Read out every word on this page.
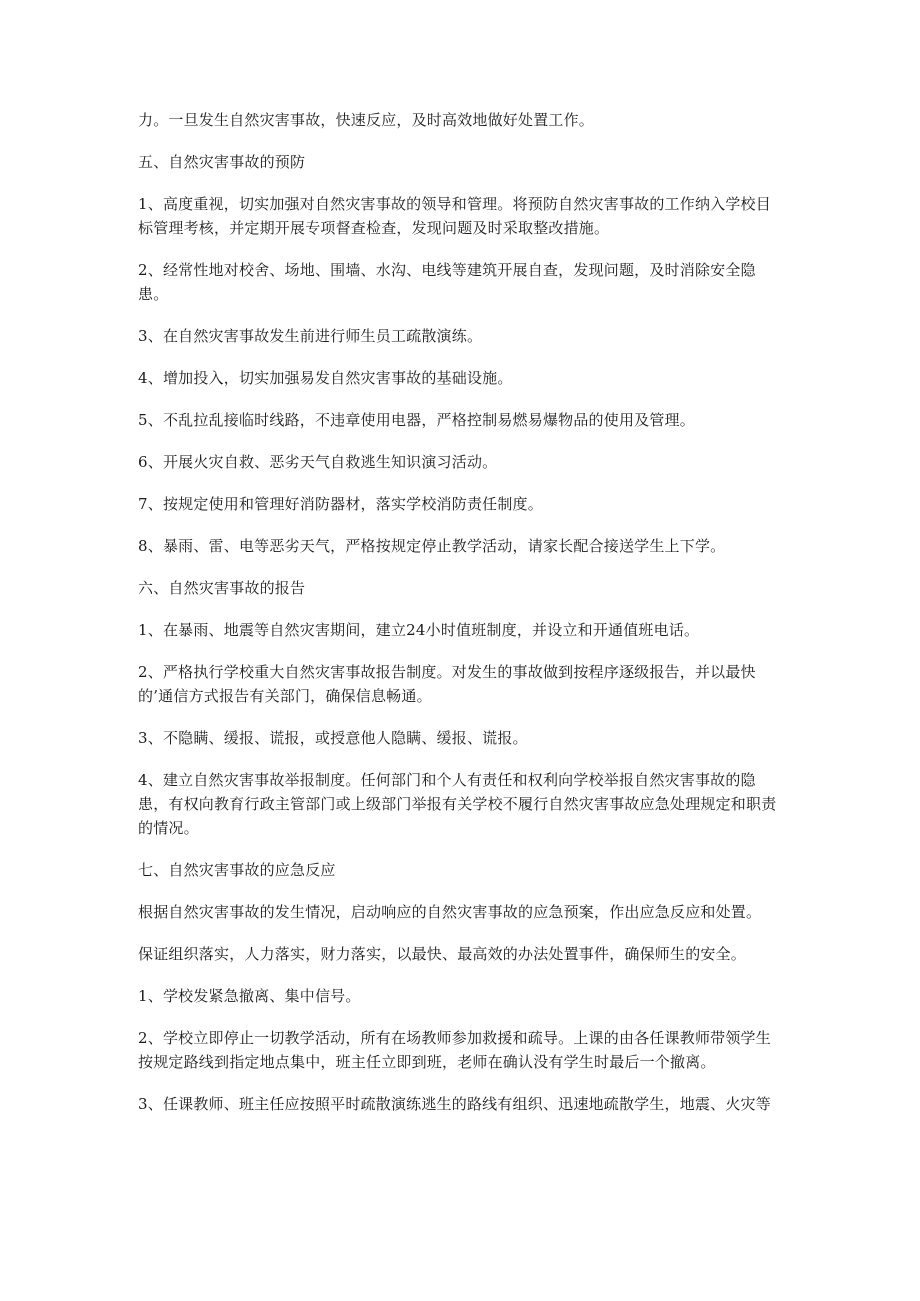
力。一旦发生自然灾害事故，快速反应，及时高效地做好处置工作。

五、自然灾害事故的预防

1、高度重视，切实加强对自然灾害事故的领导和管理。将预防自然灾害事故的工作纳入学校目标管理考核，并定期开展专项督查检查，发现问题及时采取整改措施。

2、经常性地对校舍、场地、围墙、水沟、电线等建筑开展自查，发现问题，及时消除安全隐患。

3、在自然灾害事故发生前进行师生员工疏散演练。

4、增加投入，切实加强易发自然灾害事故的基础设施。

5、不乱拉乱接临时线路，不违章使用电器，严格控制易燃易爆物品的使用及管理。

6、开展火灾自救、恶劣天气自救逃生知识演习活动。

7、按规定使用和管理好消防器材，落实学校消防责任制度。

8、暴雨、雷、电等恶劣天气，严格按规定停止教学活动，请家长配合接送学生上下学。

六、自然灾害事故的报告

1、在暴雨、地震等自然灾害期间，建立24小时值班制度，并设立和开通值班电话。

2、严格执行学校重大自然灾害事故报告制度。对发生的事故做到按程序逐级报告，并以最快的’通信方式报告有关部门，确保信息畅通。

3、不隐瞒、缓报、谎报，或授意他人隐瞒、缓报、谎报。

4、建立自然灾害事故举报制度。任何部门和个人有责任和权利向学校举报自然灾害事故的隐患，有权向教育行政主管部门或上级部门举报有关学校不履行自然灾害事故应急处理规定和职责的情况。

七、自然灾害事故的应急反应

根据自然灾害事故的发生情况，启动响应的自然灾害事故的应急预案，作出应急反应和处置。

保证组织落实，人力落实，财力落实，以最快、最高效的办法处置事件，确保师生的安全。

1、学校发紧急撤离、集中信号。

2、学校立即停止一切教学活动，所有在场教师参加救援和疏导。上课的由各任课教师带领学生按规定路线到指定地点集中，班主任立即到班，老师在确认没有学生时最后一个撤离。

3、任课教师、班主任应按照平时疏散演练逃生的路线有组织、迅速地疏散学生，地震、火灾等
